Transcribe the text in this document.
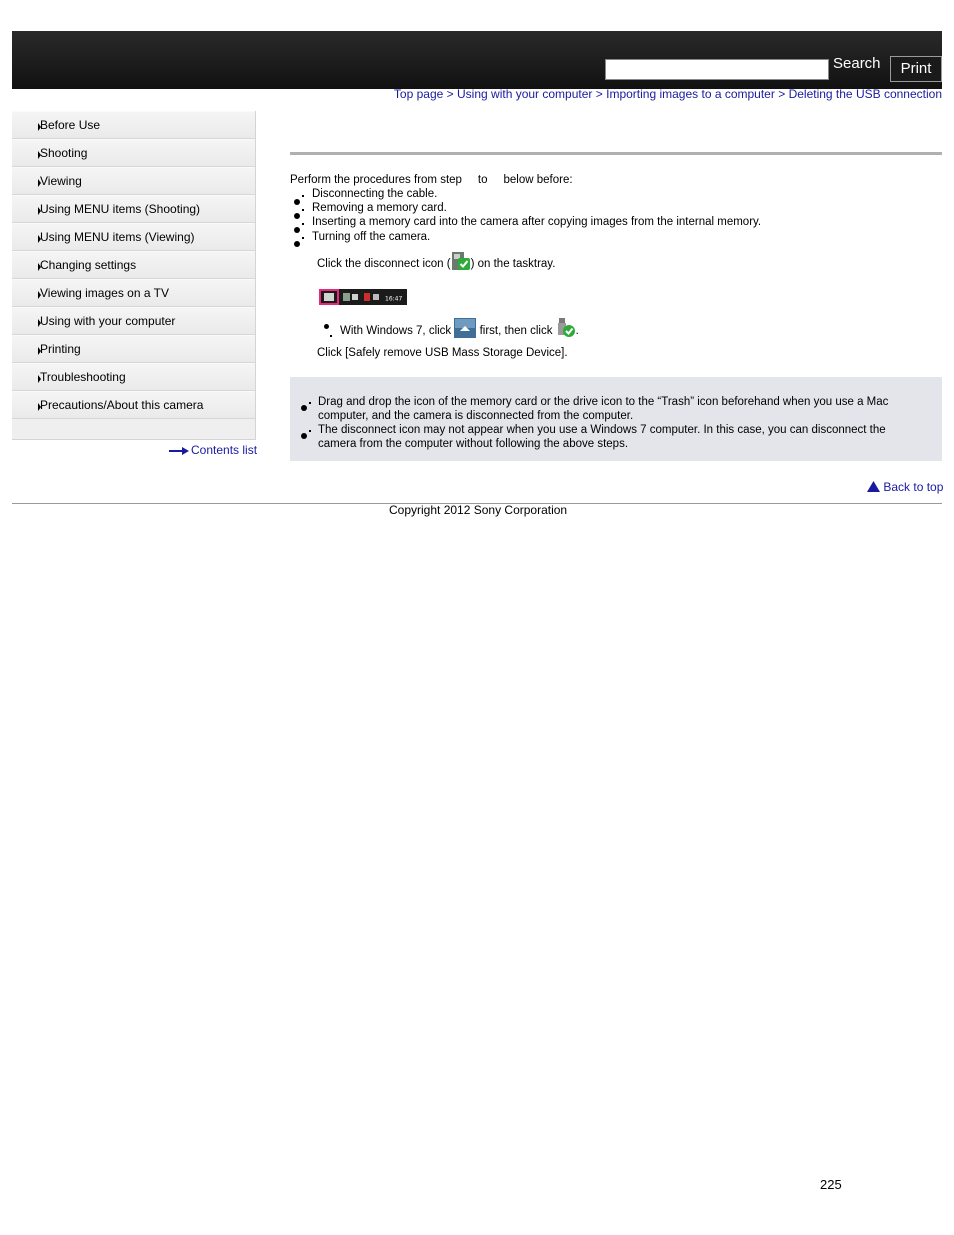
Search	Print
Top page > Using with your computer > Importing images to a computer > Deleting the USB connection
Before Use
Shooting
Viewing
Using MENU items (Shooting)
Using MENU items (Viewing)
Changing settings
Viewing images on a TV
Using with your computer
Printing
Troubleshooting
Precautions/About this camera
Contents list
Perform the procedures from step to below before:
Disconnecting the cable.
Removing a memory card.
Inserting a memory card into the camera after copying images from the internal memory.
Turning off the camera.
Click the disconnect icon ( ) on the tasktray.
16:47
With Windows 7, click first, then click .
Click [Safely remove USB Mass Storage Device].
Drag and drop the icon of the memory card or the drive icon to the “Trash” icon beforehand when you use a Mac
computer, and the camera is disconnected from the computer.
The disconnect icon may not appear when you use a Windows 7 computer. In this case, you can disconnect the
camera from the computer without following the above steps.
Back to top
Copyright 2012 Sony Corporation
225
